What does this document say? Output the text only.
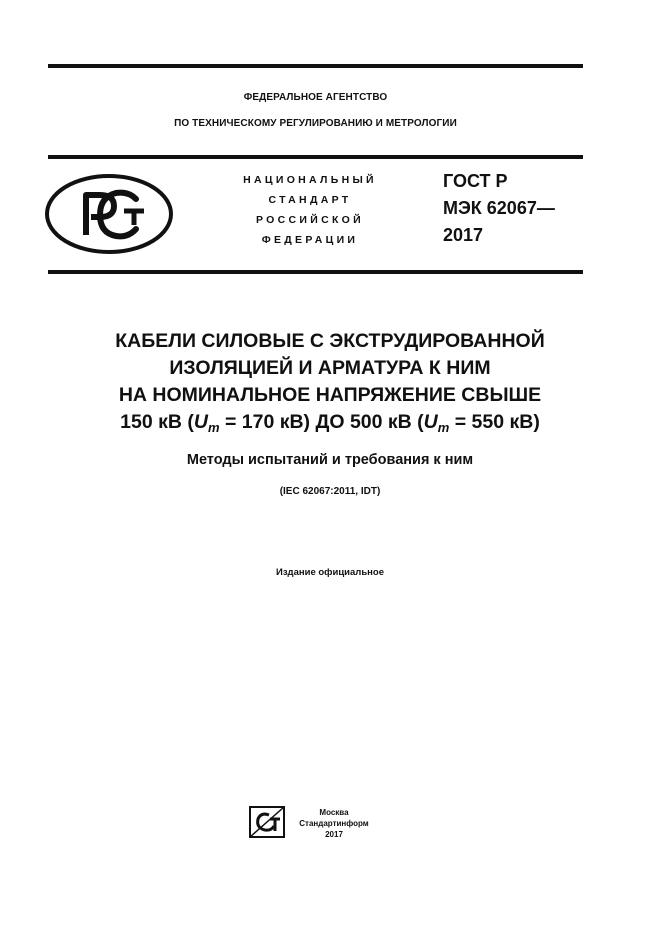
ФЕДЕРАЛЬНОЕ АГЕНТСТВО
ПО ТЕХНИЧЕСКОМУ РЕГУЛИРОВАНИЮ И МЕТРОЛОГИИ
НАЦИОНАЛЬНЫЙ
СТАНДАРТ
РОССИЙСКОЙ
ФЕДЕРАЦИИ
ГОСТ Р
МЭК 62067—
2017
КАБЕЛИ СИЛОВЫЕ С ЭКСТРУДИРОВАННОЙ
ИЗОЛЯЦИЕЙ И АРМАТУРА К НИМ
НА НОМИНАЛЬНОЕ НАПРЯЖЕНИЕ СВЫШЕ
150 кВ ($U_m = 170$ кВ) ДО 500 кВ ($U_m = 550$ кВ)
Методы испытаний и требования к ним
(IEC 62067:2011, IDT)
Издание официальное
Москва
Стандартинформ
2017
